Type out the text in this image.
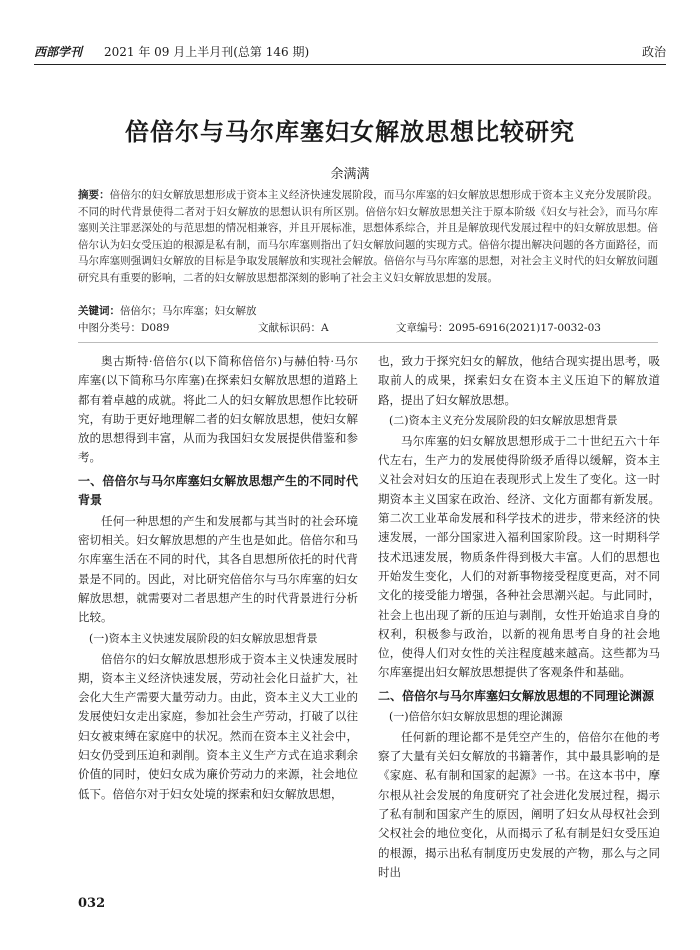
西部学刊 2021 年 09 月上半月刊(总第 146 期)	政治
倍倍尔与马尔库塞妇女解放思想比较研究
余满满
摘要：倍倍尔的妇女解放思想形成于资本主义经济快速发展阶段，而马尔库塞的妇女解放思想形成于资本主义充分发展阶段。不同的时代背景使得二者对于妇女解放的思想认识有所区别。倍倍尔妇女解放思想关注于原本阶级《妇女与社会》，而马尔库塞则关注罪恶深处的与范思想的情况相兼容，并且开展标准，思想体系综合，并且是解放现代发展过程中的妇女解放思想。倍倍尔认为妇女受压迫的根源是私有制，而马尔库塞则指出了妇女解放问题的实现方式。倍倍尔提出解决问题的各方面路径，而马尔库塞则强调妇女解放的目标是争取发展解放和实现社会解放。倍倍尔与马尔库塞的思想，对社会主义时代的妇女解放问题研究具有重要的影响，二者的妇女解放思想都深刻的影响了社会主义妇女解放思想的发展。
关键词：倍倍尔；马尔库塞；妇女解放
中图分类号：D089	文献标识码：A	文章编号：2095-6916(2021)17-0032-03

奥古斯特·倍倍尔(以下简称倍倍尔)与赫伯特·马尔库塞(以下简称马尔库塞)在探索妇女解放思想的道路上都有着卓越的成就。将此二人的妇女解放思想作比较研究，有助于更好地理解二者的妇女解放思想，使妇女解放的思想得到丰富，从而为我国妇女发展提供借鉴和参考。

一、倍倍尔与马尔库塞妇女解放思想产生的不同时代背景

任何一种思想的产生和发展都与其当时的社会环境密切相关。妇女解放思想的产生也是如此。倍倍尔和马尔库塞生活在不同的时代，其各自思想所依托的时代背景是不同的。因此，对比研究倍倍尔与马尔库塞的妇女解放思想，就需要对二者思想产生的时代背景进行分析比较。

(一)资本主义快速发展阶段的妇女解放思想背景

倍倍尔的妇女解放思想形成于资本主义快速发展时期，资本主义经济快速发展，劳动社会化日益扩大，社会化大生产需要大量劳动力。由此，资本主义大工业的发展使妇女走出家庭，参加社会生产劳动，打破了以往妇女被束缚在家庭中的状况。然而在资本主义社会中，妇女仍受到压迫和剥削。资本主义生产方式在追求剩余价值的同时，使妇女成为廉价劳动力的来源，社会地位低下。倍倍尔对于妇女处境的探索和妇女解放思想，

也，致力于探究妇女的解放，他结合现实提出思考，吸取前人的成果，探索妇女在资本主义压迫下的解放道路，提出了妇女解放思想。

(二)资本主义充分发展阶段的妇女解放思想背景

马尔库塞的妇女解放思想形成于二十世纪五六十年代左右，生产力的发展使得阶级矛盾得以缓解，资本主义社会对妇女的压迫在表现形式上发生了变化。这一时期资本主义国家在政治、经济、文化方面都有新发展。第二次工业革命发展和科学技术的进步，带来经济的快速发展，一部分国家进入福利国家阶段。这一时期科学技术迅速发展，物质条件得到极大丰富。人们的思想也开始发生变化，人们的对新事物接受程度更高，对不同文化的接受能力增强，各种社会思潮兴起。与此同时，社会上也出现了新的压迫与剥削，女性开始追求自身的权利，积极参与政治，以新的视角思考自身的社会地位，使得人们对女性的关注程度越来越高。这些都为马尔库塞提出妇女解放思想提供了客观条件和基础。

二、倍倍尔与马尔库塞妇女解放思想的不同理论渊源
(一)倍倍尔妇女解放思想的理论渊源

任何新的理论都不是凭空产生的，倍倍尔在他的考察了大量有关妇女解放的书籍著作，其中最具影响的是《家庭、私有制和国家的起源》一书。在这本书中，摩尔根从社会发展的角度研究了社会进化发展过程，揭示了私有制和国家产生的原因，阐明了妇女从母权社会到父权社会的地位变化，从而揭示了私有制是妇女受压迫的根源，揭示出私有制度历史发展的产物，那么与之同时出

032
